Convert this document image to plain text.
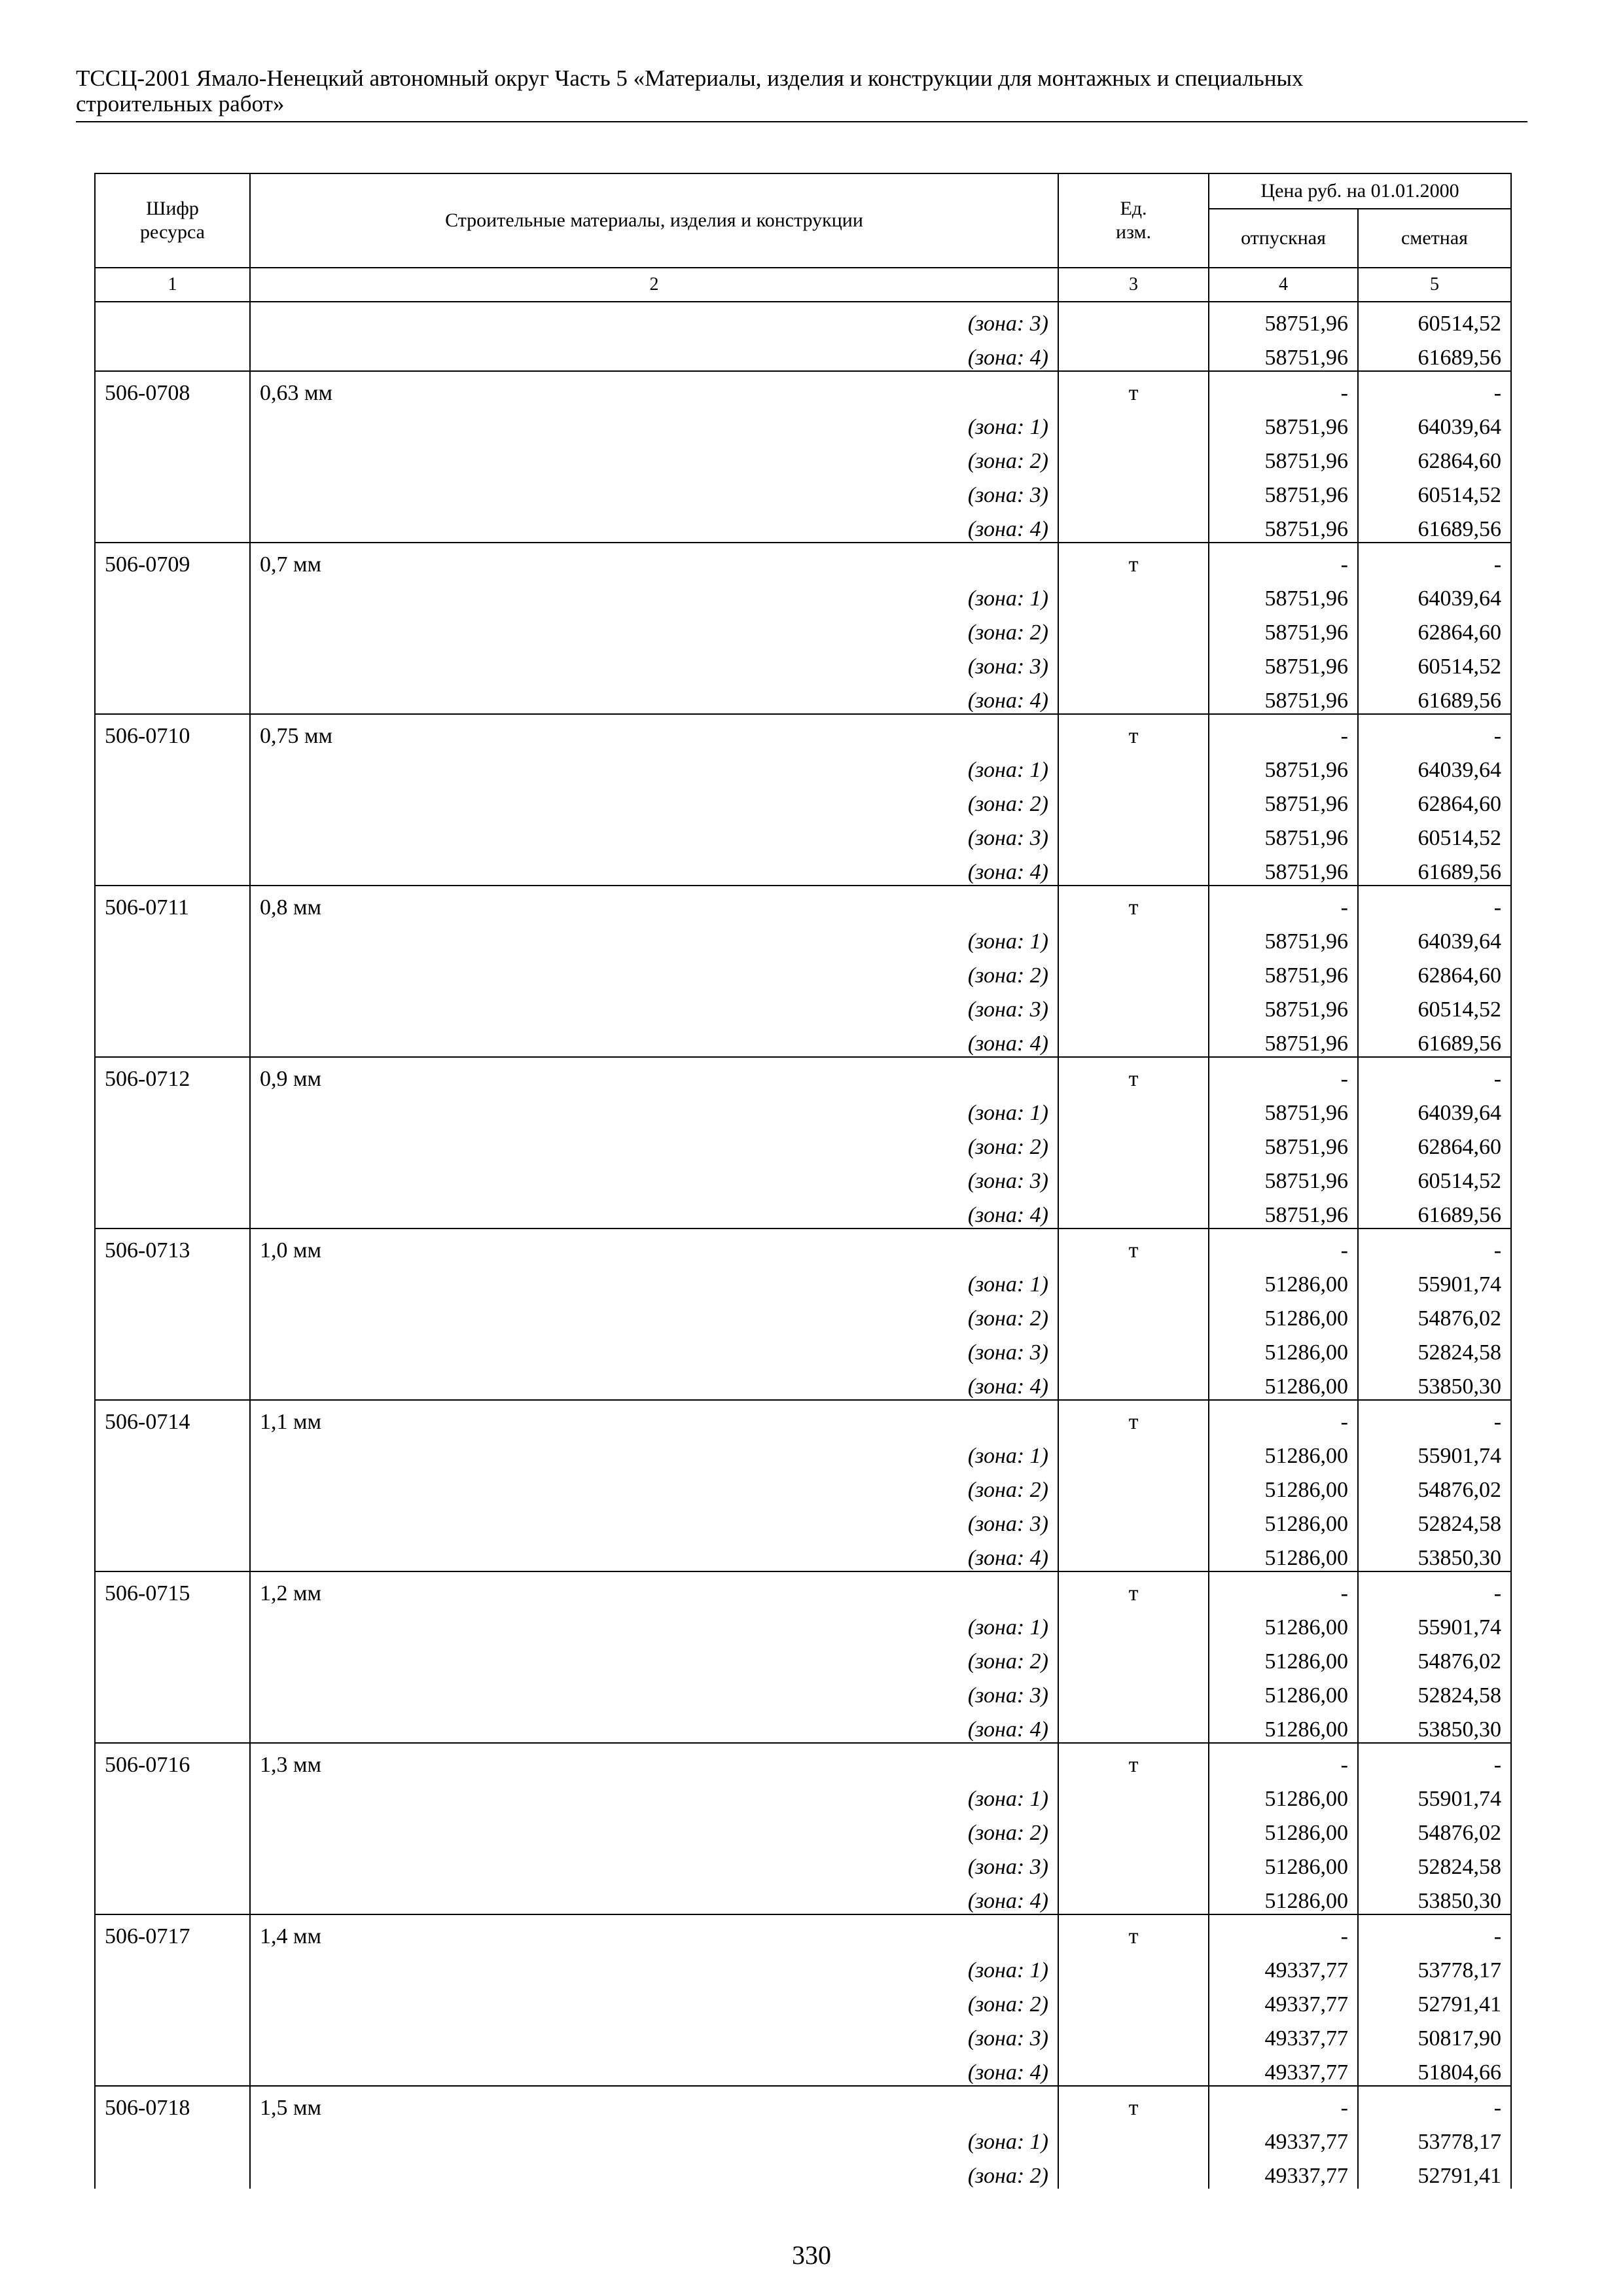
ТССЦ-2001 Ямало-Ненецкий автономный округ Часть 5 «Материалы, изделия и конструкции для монтажных и специальных
строительных работ»
Шифр ресурса	Строительные материалы, изделия и конструкции	Ед. изм.	Цена руб. на 01.01.2000	
			отпускная	сметная
1	2	3	4	5
	(зона: 3)		58751,96	60514,52
	(зона: 4)		58751,96	61689,56
506-0708	0,63 мм	т	-	-
	(зона: 1)		58751,96	64039,64
	(зона: 2)		58751,96	62864,60
	(зона: 3)		58751,96	60514,52
	(зона: 4)		58751,96	61689,56
506-0709	0,7 мм	т	-	-
	(зона: 1)		58751,96	64039,64
	(зона: 2)		58751,96	62864,60
	(зона: 3)		58751,96	60514,52
	(зона: 4)		58751,96	61689,56
506-0710	0,75 мм	т	-	-
	(зона: 1)		58751,96	64039,64
	(зона: 2)		58751,96	62864,60
	(зона: 3)		58751,96	60514,52
	(зона: 4)		58751,96	61689,56
506-0711	0,8 мм	т	-	-
	(зона: 1)		58751,96	64039,64
	(зона: 2)		58751,96	62864,60
	(зона: 3)		58751,96	60514,52
	(зона: 4)		58751,96	61689,56
506-0712	0,9 мм	т	-	-
	(зона: 1)		58751,96	64039,64
	(зона: 2)		58751,96	62864,60
	(зона: 3)		58751,96	60514,52
	(зона: 4)		58751,96	61689,56
506-0713	1,0 мм	т	-	-
	(зона: 1)		51286,00	55901,74
	(зона: 2)		51286,00	54876,02
	(зона: 3)		51286,00	52824,58
	(зона: 4)		51286,00	53850,30
506-0714	1,1 мм	т	-	-
	(зона: 1)		51286,00	55901,74
	(зона: 2)		51286,00	54876,02
	(зона: 3)		51286,00	52824,58
	(зона: 4)		51286,00	53850,30
506-0715	1,2 мм	т	-	-
	(зона: 1)		51286,00	55901,74
	(зона: 2)		51286,00	54876,02
	(зона: 3)		51286,00	52824,58
	(зона: 4)		51286,00	53850,30
506-0716	1,3 мм	т	-	-
	(зона: 1)		51286,00	55901,74
	(зона: 2)		51286,00	54876,02
	(зона: 3)		51286,00	52824,58
	(зона: 4)		51286,00	53850,30
506-0717	1,4 мм	т	-	-
	(зона: 1)		49337,77	53778,17
	(зона: 2)		49337,77	52791,41
	(зона: 3)		49337,77	50817,90
	(зона: 4)		49337,77	51804,66
506-0718	1,5 мм	т	-	-
	(зона: 1)		49337,77	53778,17
	(зона: 2)		49337,77	52791,41
330
